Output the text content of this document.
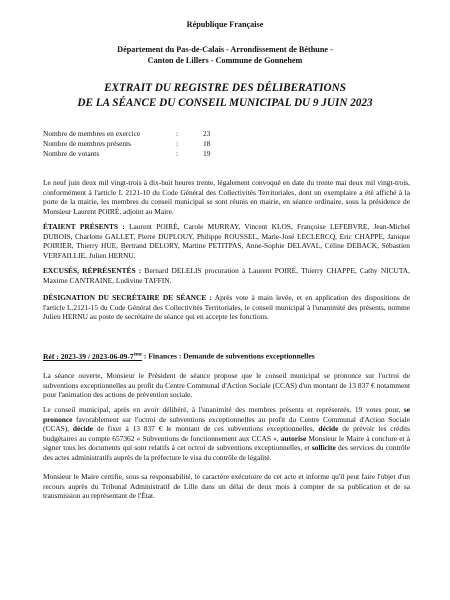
République Française
Département du Pas-de-Calais - Arrondissement de Béthune -
Canton de Lillers - Commune de Gonnehem
EXTRAIT DU REGISTRE DES DÉLIBERATIONS
DE LA SÉANCE DU CONSEIL MUNICIPAL DU 9 JUIN 2023
Nombre de membres en exercice	:	23
Nombre de membres présents	:	18
Nombre de votants	:	19
Le neuf juin deux mil vingt-trois à dix-huit heures trente, légalement convoqué en date du trente mai deux mil vingt-trois, conformément à l'article L 2121-10 du Code Général des Collectivités Territoriales, dont un exemplaire a été affiché à la porte de la mairie, les membres du conseil municipal se sont réunis en mairie, en séance ordinaire, sous la présidence de Monsieur Laurent POIRÉ, adjoint au Maire.
ÉTAIENT PRÉSENTS : Laurent POIRÉ, Carole MURRAY, Vincent KLOS, Françoise LEFEBVRE, Jean-Michel DUBOIS, Charlotte GALLET, Pierre DUPLOUY, Philippe ROUSSEL, Marie-José LECLERCQ, Eric CHAPPE, Janique POIRIER, Thierry HUE, Bertrand DELORY, Martine PETITPAS, Anne-Sophie DELAVAL, Céline DEBACK, Sébastien VERFAILLIE, Julien HERNU.
EXCUSÉS, RÉPRÉSENTÉS : Bernard DELELIS procuration à Laurent POIRÉ, Thierry CHAPPE, Cathy NICUTA, Maxime CANTRAINE, Ludivine TAFFIN.
DÉSIGNATION DU SECRÉTAIRE DE SÉANCE : Après vote à main levée, et en application des dispositions de l'article L.2121-15 du Code Général des Collectivités Territoriales, le conseil municipal à l'unanimité des présents, nomme Julien HERNU au poste de secrétaire de séance qui en accepte les fonctions.
Réf : 2023-39 / 2023-06-09-7ème : Finances : Demande de subventions exceptionnelles
La séance ouverte, Monsieur le Président de séance propose que le conseil municipal se prononce sur l'octroi de subventions exceptionnelles au profit du Centre Communal d'Action Sociale (CCAS) d'un montant de 13 837 € notamment pour l'animation des actions de prévention sociale.
Le conseil municipal, après en avoir délibéré, à l'unanimité des membres présents et représentés, 19 votes pour, se prononce favorablement sur l'octroi de subventions exceptionnelles au profit du Centre Communal d'Action Sociale (CCAS), décide de fixer à 13 837 € le montant de ces subventions exceptionnelles, décide de prévoir les crédits budgétaires au compte 657362 « Subventions de fonctionnement aux CCAS », autorise Monsieur le Maire à conclure et à signer tous les documents qui sont relatifs à cet octroi de subventions exceptionnelles, et sollicite des services du contrôle des actes administratifs auprès de la préfecture le visa du contrôle de légalité.
Monsieur le Maire certifie, sous sa responsabilité, le caractère exécutoire de cet acte et informe qu'il peut faire l'objet d'un recours auprès du Tribunal Administratif de Lille dans un délai de deux mois à compter de sa publication et de sa transmission au représentant de l'État.
